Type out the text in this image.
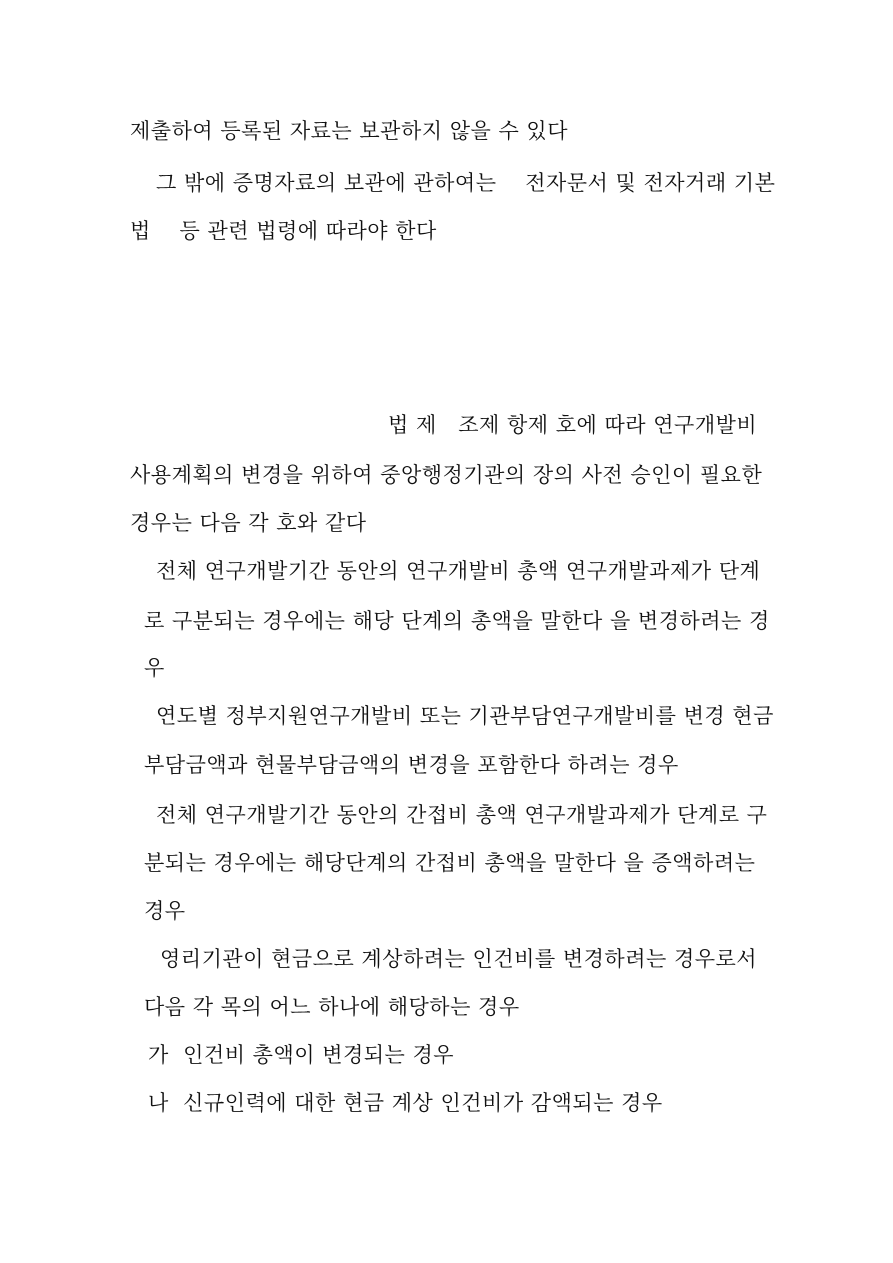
제출하여 등록된 자료는 보관하지 않을 수 있다
그 밖에 증명자료의 보관에 관하여는    전자문서 및 전자거래 기본
법    등 관련 법령에 따라야 한다
법 제   조제 항제 호에 따라 연구개발비
사용계획의 변경을 위하여 중앙행정기관의 장의 사전 승인이 필요한
경우는 다음 각 호와 같다
전체 연구개발기간 동안의 연구개발비 총액 연구개발과제가 단계
로 구분되는 경우에는 해당 단계의 총액을 말한다 을 변경하려는 경
우
연도별 정부지원연구개발비 또는 기관부담연구개발비를 변경 현금
부담금액과 현물부담금액의 변경을 포함한다 하려는 경우
전체 연구개발기간 동안의 간접비 총액 연구개발과제가 단계로 구
분되는 경우에는 해당단계의 간접비 총액을 말한다 을 증액하려는
경우
영리기관이 현금으로 계상하려는 인건비를 변경하려는 경우로서
다음 각 목의 어느 하나에 해당하는 경우
가  인건비 총액이 변경되는 경우
나  신규인력에 대한 현금 계상 인건비가 감액되는 경우
